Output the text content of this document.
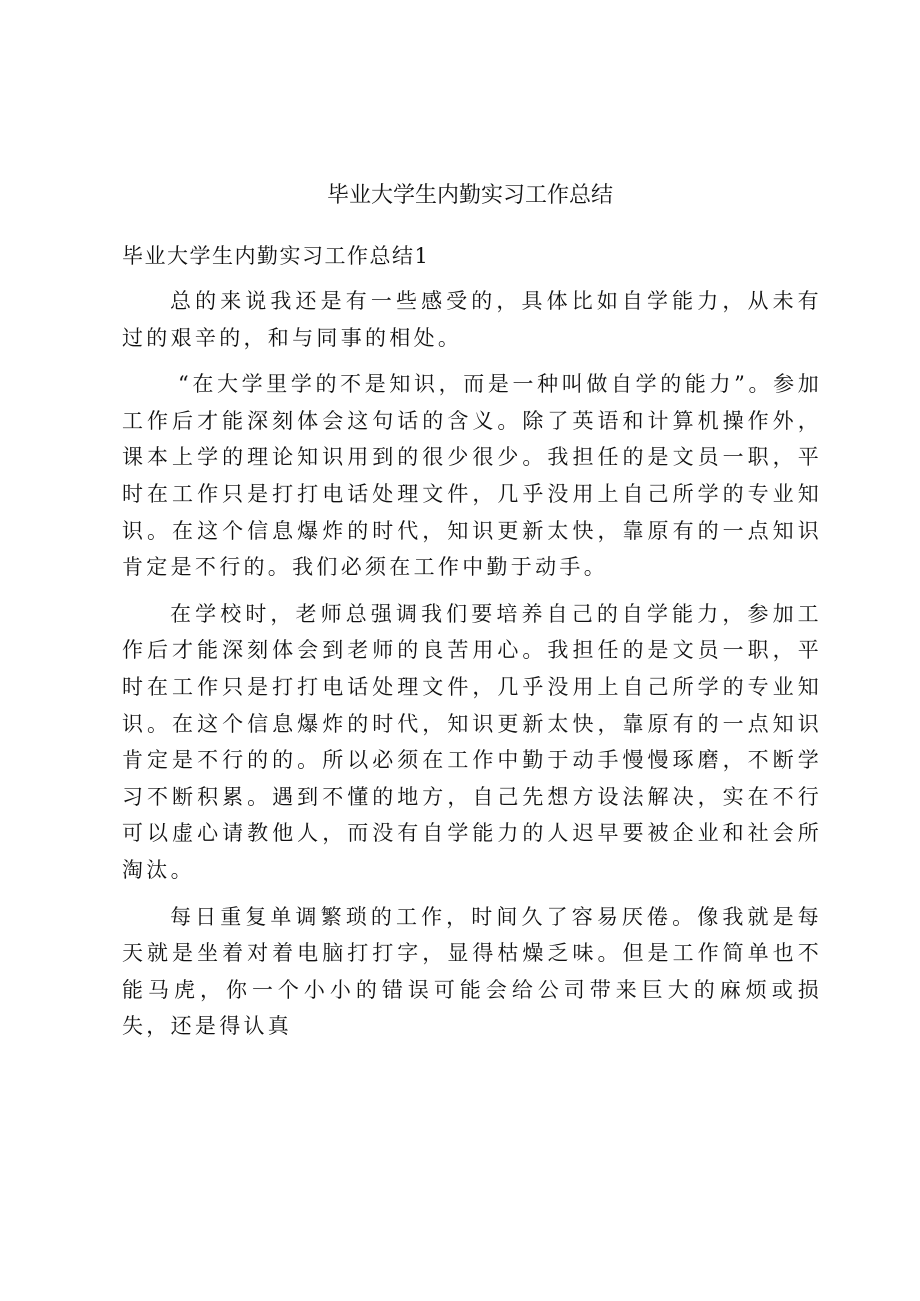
毕业大学生内勤实习工作总结
毕业大学生内勤实习工作总结1

总的来说我还是有一些感受的，具体比如自学能力，从未有过的艰辛的，和与同事的相处。

“在大学里学的不是知识，而是一种叫做自学的能力”。参加工作后才能深刻体会这句话的含义。除了英语和计算机操作外，课本上学的理论知识用到的很少很少。我担任的是文员一职，平时在工作只是打打电话处理文件，几乎没用上自己所学的专业知识。在这个信息爆炸的时代，知识更新太快，靠原有的一点知识肯定是不行的。我们必须在工作中勤于动手。

在学校时，老师总强调我们要培养自己的自学能力，参加工作后才能深刻体会到老师的良苦用心。我担任的是文员一职，平时在工作只是打打电话处理文件，几乎没用上自己所学的专业知识。在这个信息爆炸的时代，知识更新太快，靠原有的一点知识肯定是不行的的。所以必须在工作中勤于动手慢慢琢磨，不断学习不断积累。遇到不懂的地方，自己先想方设法解决，实在不行可以虚心请教他人，而没有自学能力的人迟早要被企业和社会所淘汰。

每日重复单调繁琐的工作，时间久了容易厌倦。像我就是每天就是坐着对着电脑打打字，显得枯燥乏味。但是工作简单也不能马虎，你一个小小的错误可能会给公司带来巨大的麻烦或损失，还是得认真
